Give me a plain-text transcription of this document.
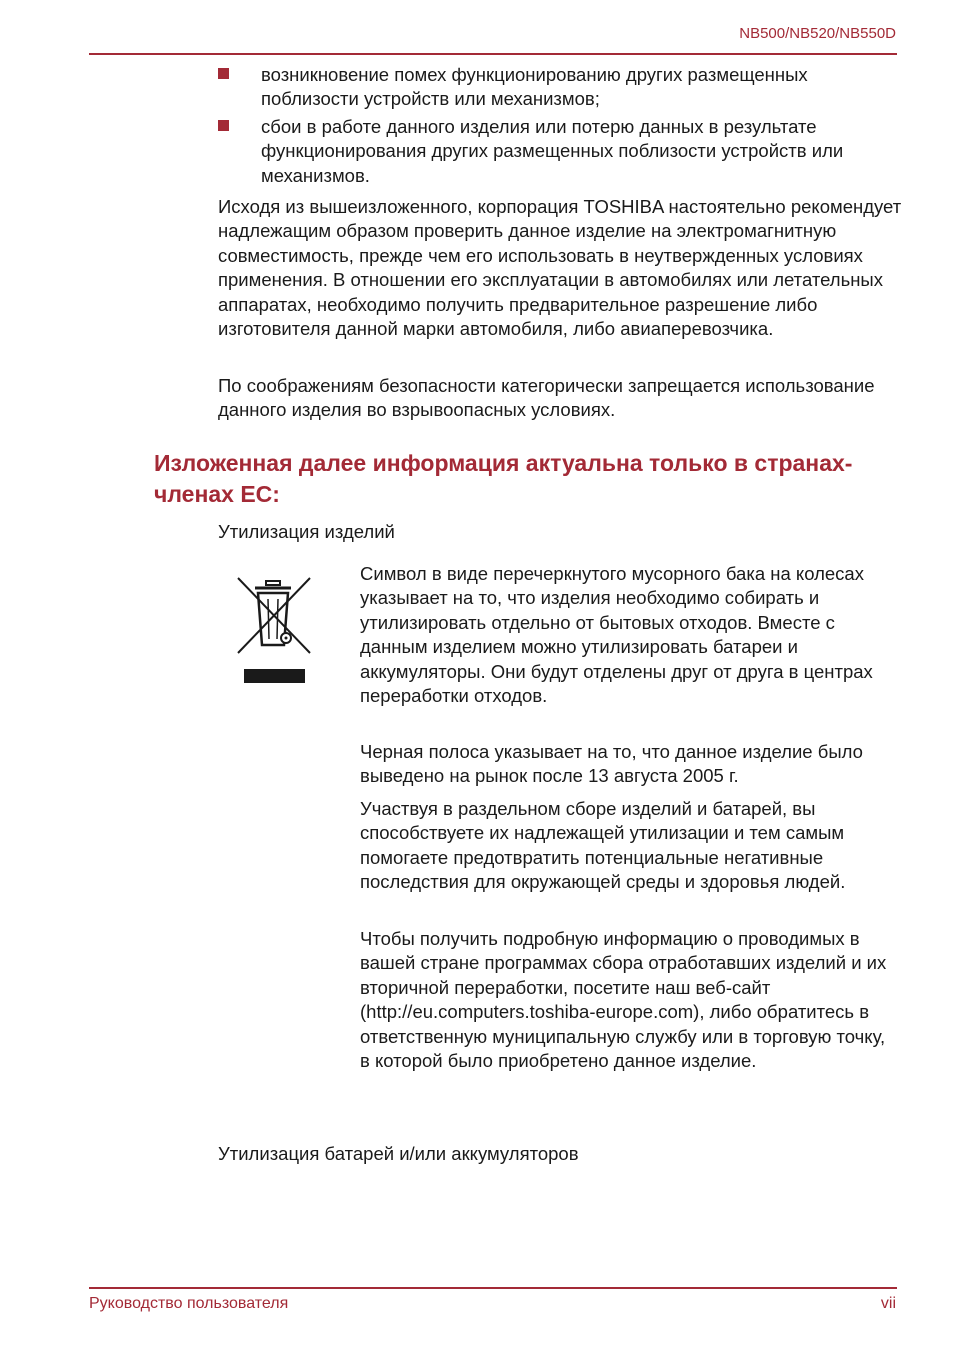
NB500/NB520/NB550D
возникновение помех функционированию других размещенных поблизости устройств или механизмов;
сбои в работе данного изделия или потерю данных в результате функционирования других размещенных поблизости устройств или механизмов.

Исходя из вышеизложенного, корпорация TOSHIBA настоятельно рекомендует надлежащим образом проверить данное изделие на электромагнитную совместимость, прежде чем его использовать в неутвержденных условиях применения. В отношении его эксплуатации в автомобилях или летательных аппаратах, необходимо получить предварительное разрешение либо изготовителя данной марки автомобиля, либо авиаперевозчика.

По соображениям безопасности категорически запрещается использование данного изделия во взрывоопасных условиях.

Изложенная далее информация актуальна только в странах-членах ЕС:

Утилизация изделий

Символ в виде перечеркнутого мусорного бака на колесах указывает на то, что изделия необходимо собирать и утилизировать отдельно от бытовых отходов. Вместе с данным изделием можно утилизировать батареи и аккумуляторы. Они будут отделены друг от друга в центрах переработки отходов.

Черная полоса указывает на то, что данное изделие было выведено на рынок после 13 августа 2005 г.

Участвуя в раздельном сборе изделий и батарей, вы способствуете их надлежащей утилизации и тем самым помогаете предотвратить потенциальные негативные последствия для окружающей среды и здоровья людей.

Чтобы получить подробную информацию о проводимых в вашей стране программах сбора отработавших изделий и их вторичной переработки, посетите наш веб-сайт (http://eu.computers.toshiba-europe.com), либо обратитесь в ответственную муниципальную службу или в торговую точку, в которой было приобретено данное изделие.

Утилизация батарей и/или аккумуляторов

Руководство пользователя	vii
